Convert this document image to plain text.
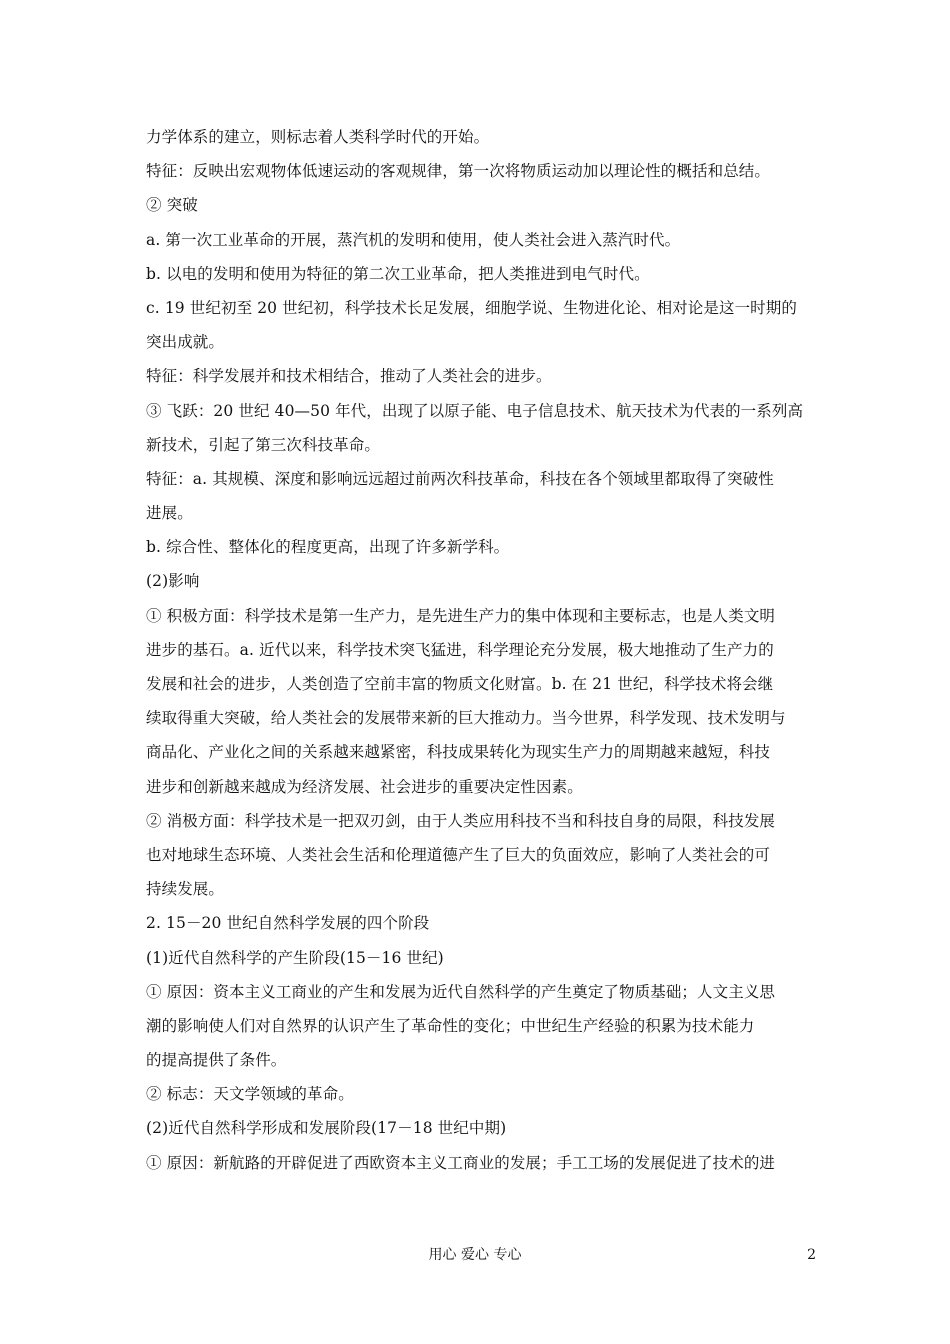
力学体系的建立，则标志着人类科学时代的开始。
特征：反映出宏观物体低速运动的客观规律，第一次将物质运动加以理论性的概括和总结。
② 突破
a. 第一次工业革命的开展，蒸汽机的发明和使用，使人类社会进入蒸汽时代。
b. 以电的发明和使用为特征的第二次工业革命，把人类推进到电气时代。
c. 19 世纪初至 20 世纪初，科学技术长足发展，细胞学说、生物进化论、相对论是这一时期的
突出成就。
特征：科学发展并和技术相结合，推动了人类社会的进步。
③ 飞跃：20 世纪 40—50 年代，出现了以原子能、电子信息技术、航天技术为代表的一系列高
新技术，引起了第三次科技革命。
特征：a. 其规模、深度和影响远远超过前两次科技革命，科技在各个领域里都取得了突破性
进展。
b. 综合性、整体化的程度更高，出现了许多新学科。
(2)影响
① 积极方面：科学技术是第一生产力，是先进生产力的集中体现和主要标志，也是人类文明
进步的基石。a. 近代以来，科学技术突飞猛进，科学理论充分发展，极大地推动了生产力的
发展和社会的进步，人类创造了空前丰富的物质文化财富。b. 在 21 世纪，科学技术将会继
续取得重大突破，给人类社会的发展带来新的巨大推动力。当今世界，科学发现、技术发明与
商品化、产业化之间的关系越来越紧密，科技成果转化为现实生产力的周期越来越短，科技
进步和创新越来越成为经济发展、社会进步的重要决定性因素。
② 消极方面：科学技术是一把双刃剑，由于人类应用科技不当和科技自身的局限，科技发展
也对地球生态环境、人类社会生活和伦理道德产生了巨大的负面效应，影响了人类社会的可
持续发展。
2. 15－20 世纪自然科学发展的四个阶段
(1)近代自然科学的产生阶段(15－16 世纪)
① 原因：资本主义工商业的产生和发展为近代自然科学的产生奠定了物质基础；人文主义思
潮的影响使人们对自然界的认识产生了革命性的变化；中世纪生产经验的积累为技术能力
的提高提供了条件。
② 标志：天文学领域的革命。
(2)近代自然科学形成和发展阶段(17－18 世纪中期)
① 原因：新航路的开辟促进了西欧资本主义工商业的发展；手工工场的发展促进了技术的进
用心 爱心 专心	2
